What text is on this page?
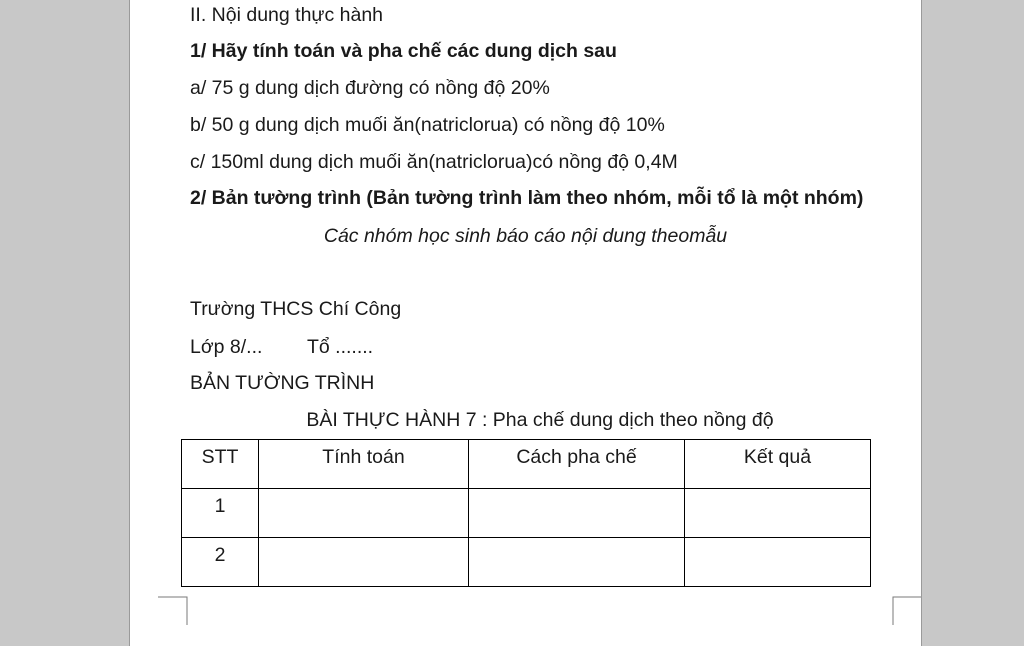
II. Nội dung thực hành
1/ Hãy tính toán và pha chế các dung dịch sau
a/ 75 g dung dịch đường có nồng độ 20%
b/ 50 g dung dịch muối ăn(natriclorua) có nồng độ 10%
c/ 150ml dung dịch muối ăn(natriclorua)có nồng độ 0,4M
2/ Bản tường trình (Bản tường trình làm theo nhóm, mỗi tổ là một nhóm)
Các nhóm học sinh báo cáo nội dung theomẫu
Trường THCS Chí Công
Lớp 8/... Tổ .......
BẢN TƯỜNG TRÌNH
BÀI THỰC HÀNH 7 : Pha chế dung dịch theo nồng độ
STT	Tính toán	Cách pha chế	Kết quả

1			

2			
